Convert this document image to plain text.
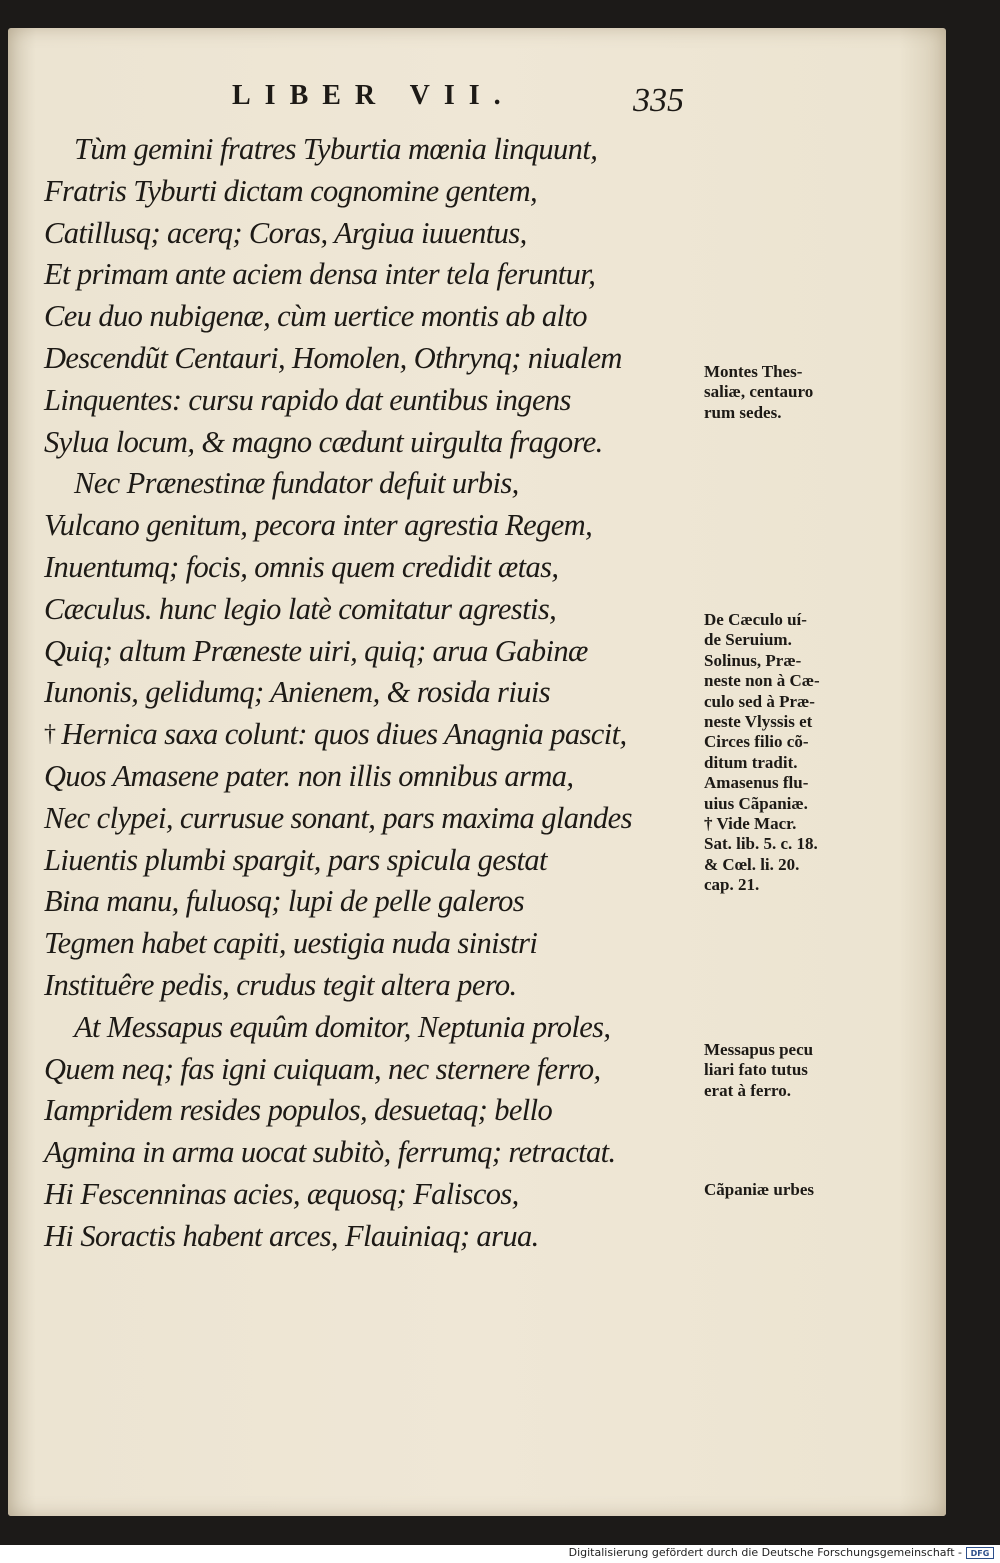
LIBER VII.	335
Tùm gemini fratres Tyburtia mœnia linquunt,
Fratris Tyburti dictam cognomine gentem,
Catillusq; acerq; Coras, Argiua iuuentus,
Et primam ante aciem densa inter tela feruntur,
Ceu duo nubigenæ, cùm uertice montis ab alto
Descendũt Centauri, Homolen, Othrynq; niualem
Linquentes: cursu rapido dat euntibus ingens
Sylua locum, & magno cædunt uirgulta fragore.
Nec Prænestinæ fundator defuit urbis,
Vulcano genitum, pecora inter agrestia Regem,
Inuentumq; focis, omnis quem credidit ætas,
Cæculus. hunc legio latè comitatur agrestis,
Quiq; altum Præneste uiri, quiq; arua Gabinæ
Iunonis, gelidumq; Anienem, & rosida riuis
† Hernica saxa colunt: quos diues Anagnia pascit,
Quos Amasene pater. non illis omnibus arma,
Nec clypei, currusue sonant, pars maxima glandes
Liuentis plumbi spargit, pars spicula gestat
Bina manu, fuluosq; lupi de pelle galeros
Tegmen habet capiti, uestigia nuda sinistri
Instituêre pedis, crudus tegit altera pero.
At Messapus equûm domitor, Neptunia proles,
Quem neq; fas igni cuiquam, nec sternere ferro,
Iampridem resides populos, desuetaq; bello
Agmina in arma uocat subitò, ferrumq; retractat.
Hi Fescenninas acies, æquosq; Faliscos,
Hi Soractis habent arces, Flauiniaq; arua.
Montes Thes-
saliæ, centauro
rum sedes.
De Cæculo uí-
de Seruium.
Solinus, Præ-
neste non à Cæ-
culo sed à Præ-
neste Vlyssis et
Circes filio cõ-
ditum tradit.
Amasenus flu-
uius Cãpaniæ.
† Vide Macr.
Sat. lib. 5. c. 18.
& Cœl. li. 20.
cap. 21.
Messapus pecu
liari fato tutus
erat à ferro.
Cãpaniæ urbes
Digitalisierung gefördert durch die Deutsche Forschungsgemeinschaft -	DFG
